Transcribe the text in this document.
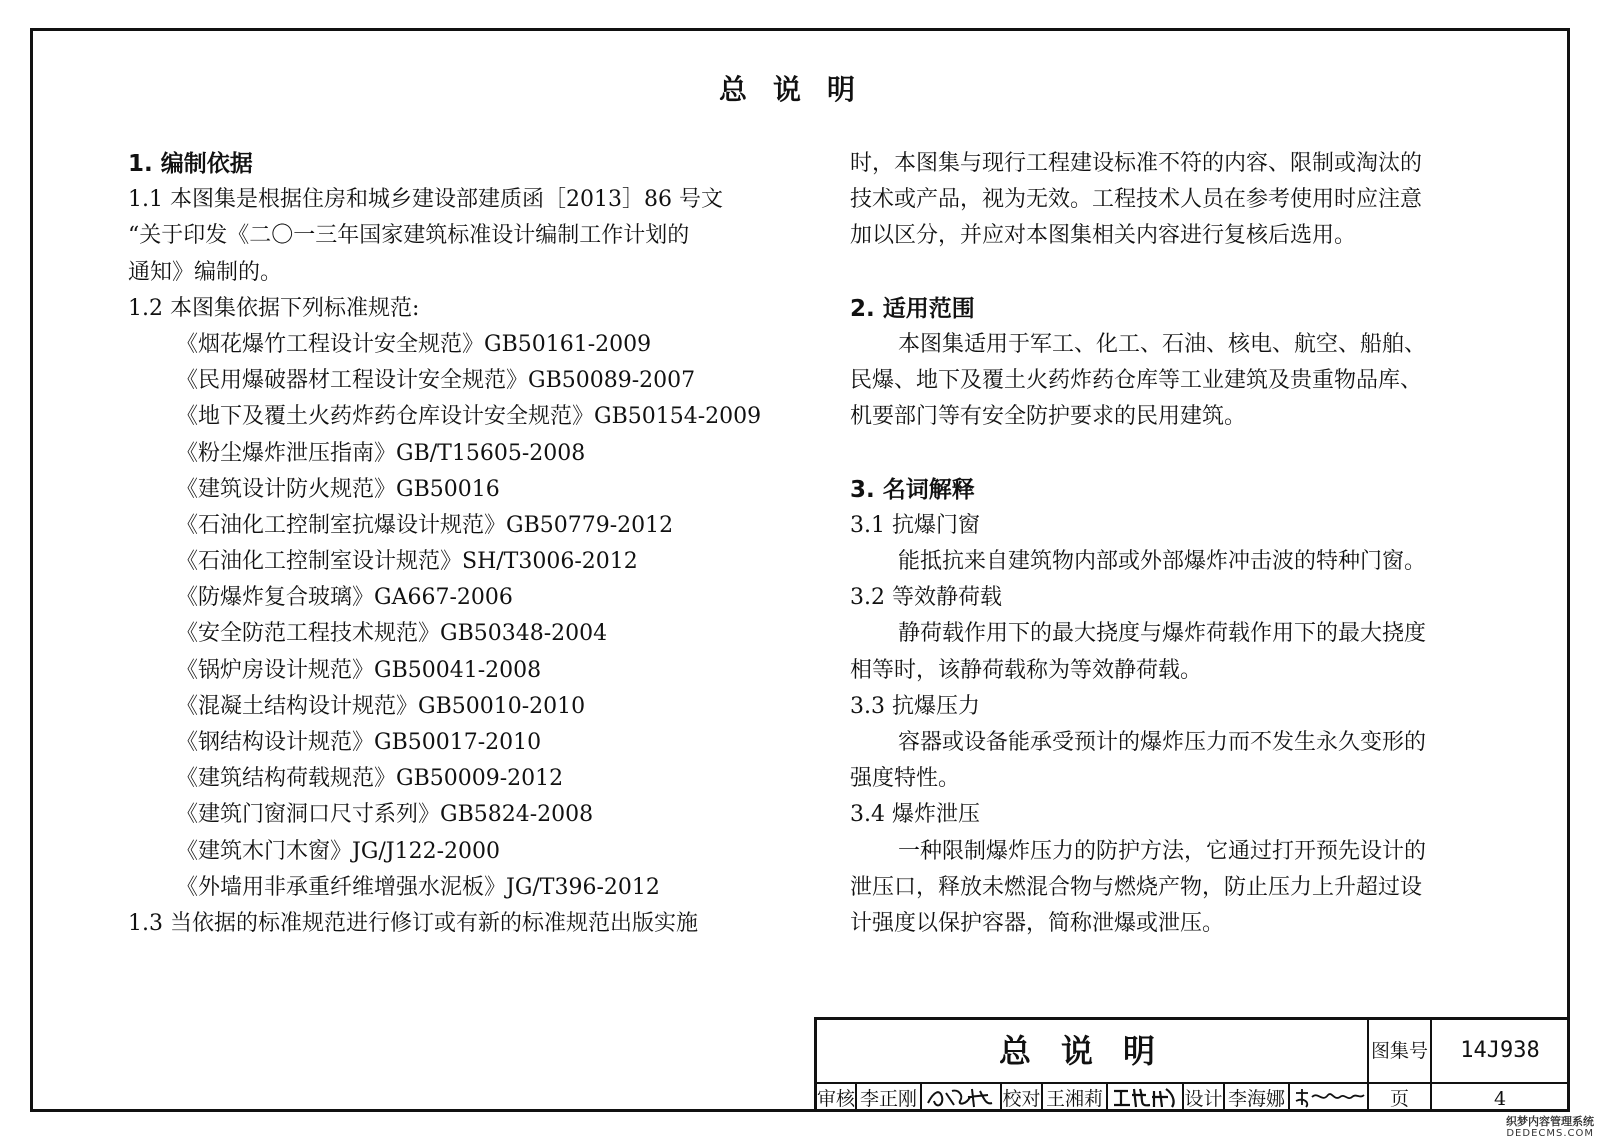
总说明
1. 编制依据
1.1 本图集是根据住房和城乡建设部建质函［2013］86 号文
“关于印发《二〇一三年国家建筑标准设计编制工作计划的
通知》编制的。
1.2 本图集依据下列标准规范:
《烟花爆竹工程设计安全规范》GB50161-2009
《民用爆破器材工程设计安全规范》GB50089-2007
《地下及覆土火药炸药仓库设计安全规范》GB50154-2009
《粉尘爆炸泄压指南》GB/T15605-2008
《建筑设计防火规范》GB50016
《石油化工控制室抗爆设计规范》GB50779-2012
《石油化工控制室设计规范》SH/T3006-2012
《防爆炸复合玻璃》GA667-2006
《安全防范工程技术规范》GB50348-2004
《锅炉房设计规范》GB50041-2008
《混凝土结构设计规范》GB50010-2010
《钢结构设计规范》GB50017-2010
《建筑结构荷载规范》GB50009-2012
《建筑门窗洞口尺寸系列》GB5824-2008
《建筑木门木窗》JG/J122-2000
《外墙用非承重纤维增强水泥板》JG/T396-2012
1.3 当依据的标准规范进行修订或有新的标准规范出版实施
时，本图集与现行工程建设标准不符的内容、限制或淘汰的
技术或产品，视为无效。工程技术人员在参考使用时应注意
加以区分，并应对本图集相关内容进行复核后选用。
2. 适用范围
本图集适用于军工、化工、石油、核电、航空、船舶、
民爆、地下及覆土火药炸药仓库等工业建筑及贵重物品库、
机要部门等有安全防护要求的民用建筑。
3. 名词解释
3.1 抗爆门窗
能抵抗来自建筑物内部或外部爆炸冲击波的特种门窗。
3.2 等效静荷载
静荷载作用下的最大挠度与爆炸荷载作用下的最大挠度
相等时，该静荷载称为等效静荷载。
3.3 抗爆压力
容器或设备能承受预计的爆炸压力而不发生永久变形的
强度特性。
3.4 爆炸泄压
一种限制爆炸压力的防护方法，它通过打开预先设计的
泄压口，释放未燃混合物与燃烧产物，防止压力上升超过设
计强度以保护容器，简称泄爆或泄压。
总说明	图集号	14J938
审核 李正刚	校对 王湘莉	设计 李海娜	页	4
织梦内容管理系统
DEDECMS.COM
